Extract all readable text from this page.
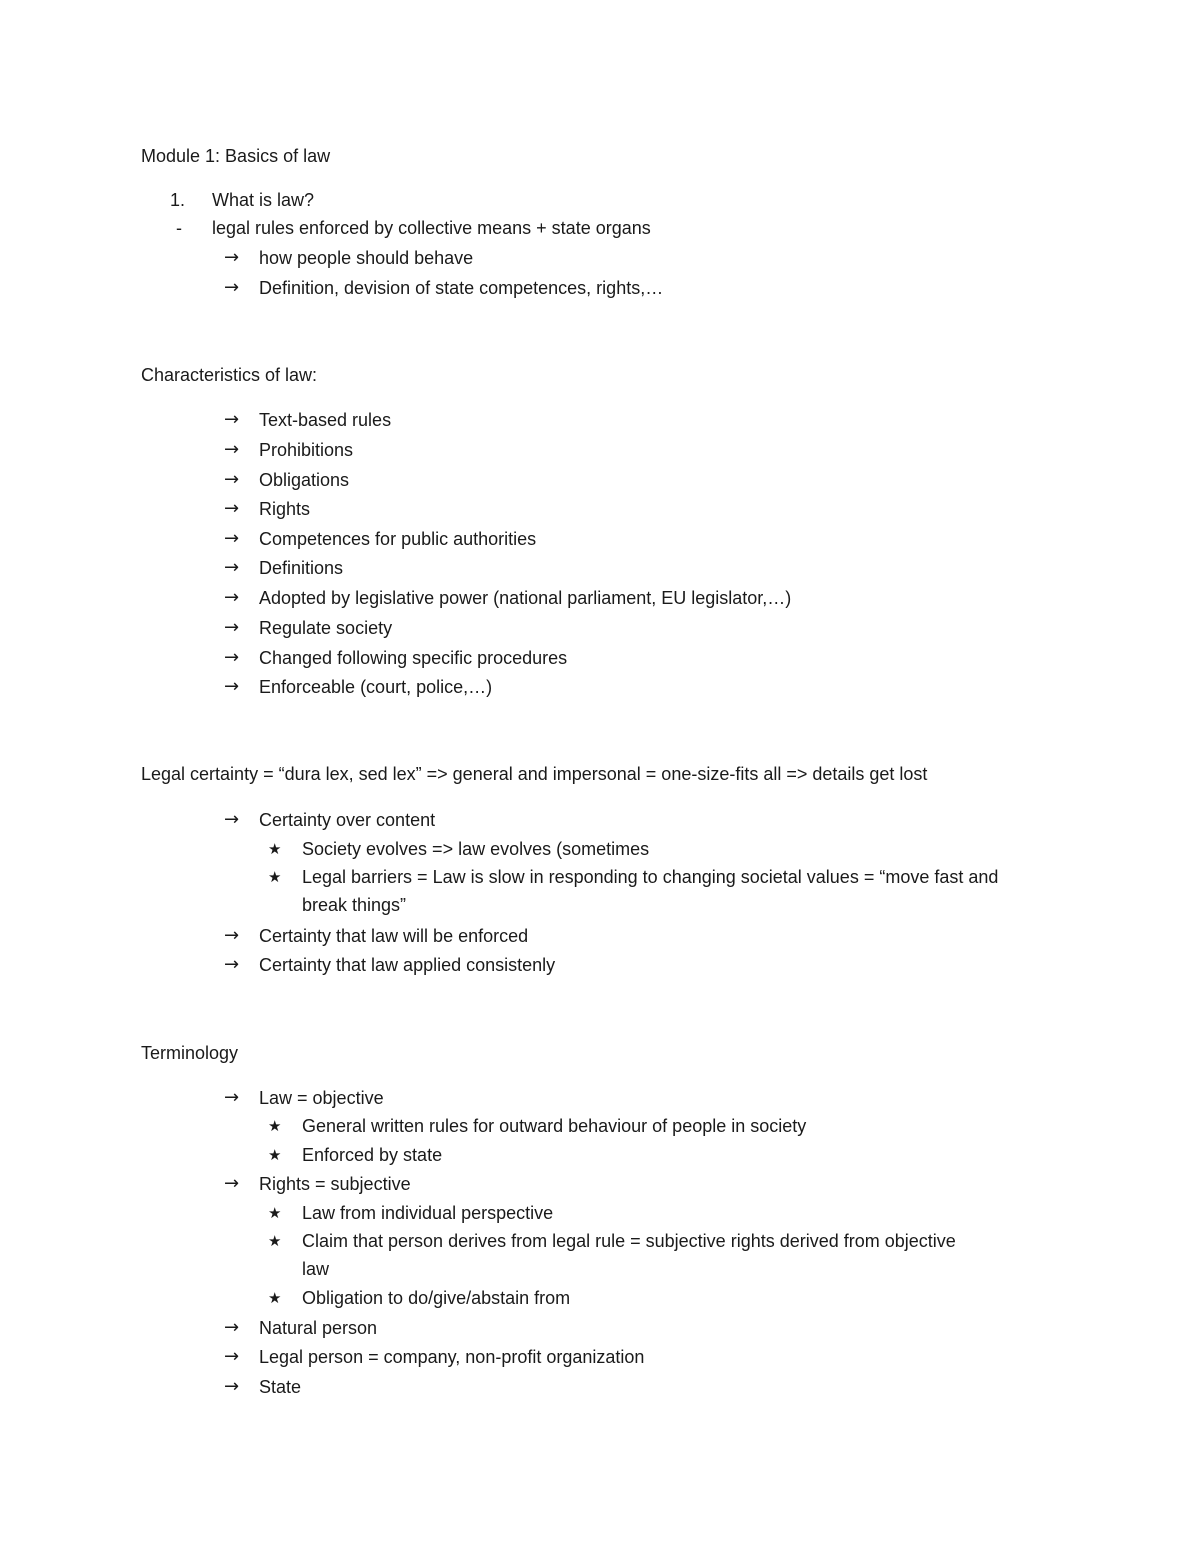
Module 1: Basics of law
1. What is law?
- legal rules enforced by collective means + state organs
→ how people should behave
→ Definition, devision of state competences, rights,…
Characteristics of law:
→ Text-based rules
→ Prohibitions
→ Obligations
→ Rights
→ Competences for public authorities
→ Definitions
→ Adopted by legislative power (national parliament, EU legislator,…)
→ Regulate society
→ Changed following specific procedures
→ Enforceable (court, police,…)
Legal certainty = “dura lex, sed lex” => general and impersonal = one-size-fits all => details get lost
→ Certainty over content
★ Society evolves => law evolves (sometimes
★ Legal barriers = Law is slow in responding to changing societal values = “move fast and
break things”
→ Certainty that law will be enforced
→ Certainty that law applied consistenly
Terminology
→ Law = objective
★ General written rules for outward behaviour of people in society
★ Enforced by state
→ Rights = subjective
★ Law from individual perspective
★ Claim that person derives from legal rule = subjective rights derived from objective
law
★ Obligation to do/give/abstain from
→ Natural person
→ Legal person = company, non-profit organization
→ State
